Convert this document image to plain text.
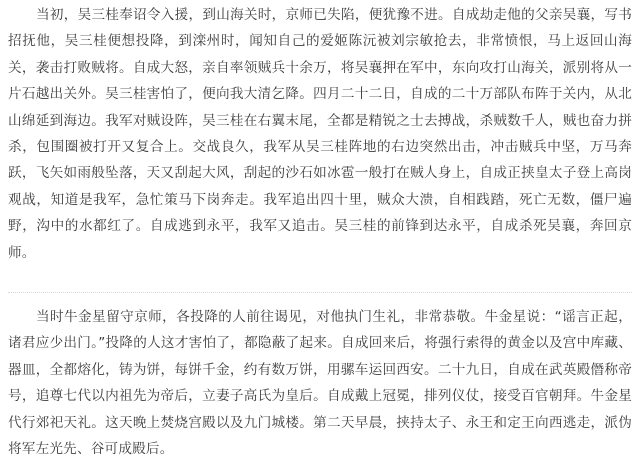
当初，吴三桂奉诏令入援，到山海关时，京师已失陷，便犹豫不进。自成劫走他的父亲吴襄，写书招抚他，吴三桂便想投降，到滦州时，闻知自己的爱姬陈沅被刘宗敏抢去，非常愤恨，马上返回山海关，袭击打败贼将。自成大怒，亲自率领贼兵十余万，将吴襄押在军中，东向攻打山海关，派别将从一片石越出关外。吴三桂害怕了，便向我大清乞降。四月二十二日，自成的二十万部队布阵于关内，从北山绵延到海边。我军对贼设阵，吴三桂在右翼末尾，全都是精锐之士去搏战，杀贼数千人，贼也奋力拼杀，包围圈被打开又复合上。交战良久，我军从吴三桂阵地的右边突然出击，冲击贼兵中坚，万马奔跃，飞矢如雨般坠落，天又刮起大风，刮起的沙石如冰雹一般打在贼人身上，自成正挟皇太子登上高岗观战，知道是我军，急忙策马下岗奔走。我军追出四十里，贼众大溃，自相践踏，死亡无数，僵尸遍野，沟中的水都红了。自成逃到永平，我军又追击。吴三桂的前锋到达永平，自成杀死吴襄，奔回京师。

当时牛金星留守京师，各投降的人前往谒见，对他执门生礼，非常恭敬。牛金星说：“谣言正起，诸君应少出门。”投降的人这才害怕了，都隐蔽了起来。自成回来后，将强行索得的黄金以及宫中库藏、器皿，全都熔化，铸为饼，每饼千金，约有数万饼，用骡车运回西安。二十九日，自成在武英殿僭称帝号，追尊七代以内祖先为帝后，立妻子高氏为皇后。自成戴上冠冕，排列仪仗，接受百官朝拜。牛金星代行郊祀天礼。这天晚上焚烧宫殿以及九门城楼。第二天早晨，挟持太子、永王和定王向西逃走，派伪将军左光先、谷可成殿后。
